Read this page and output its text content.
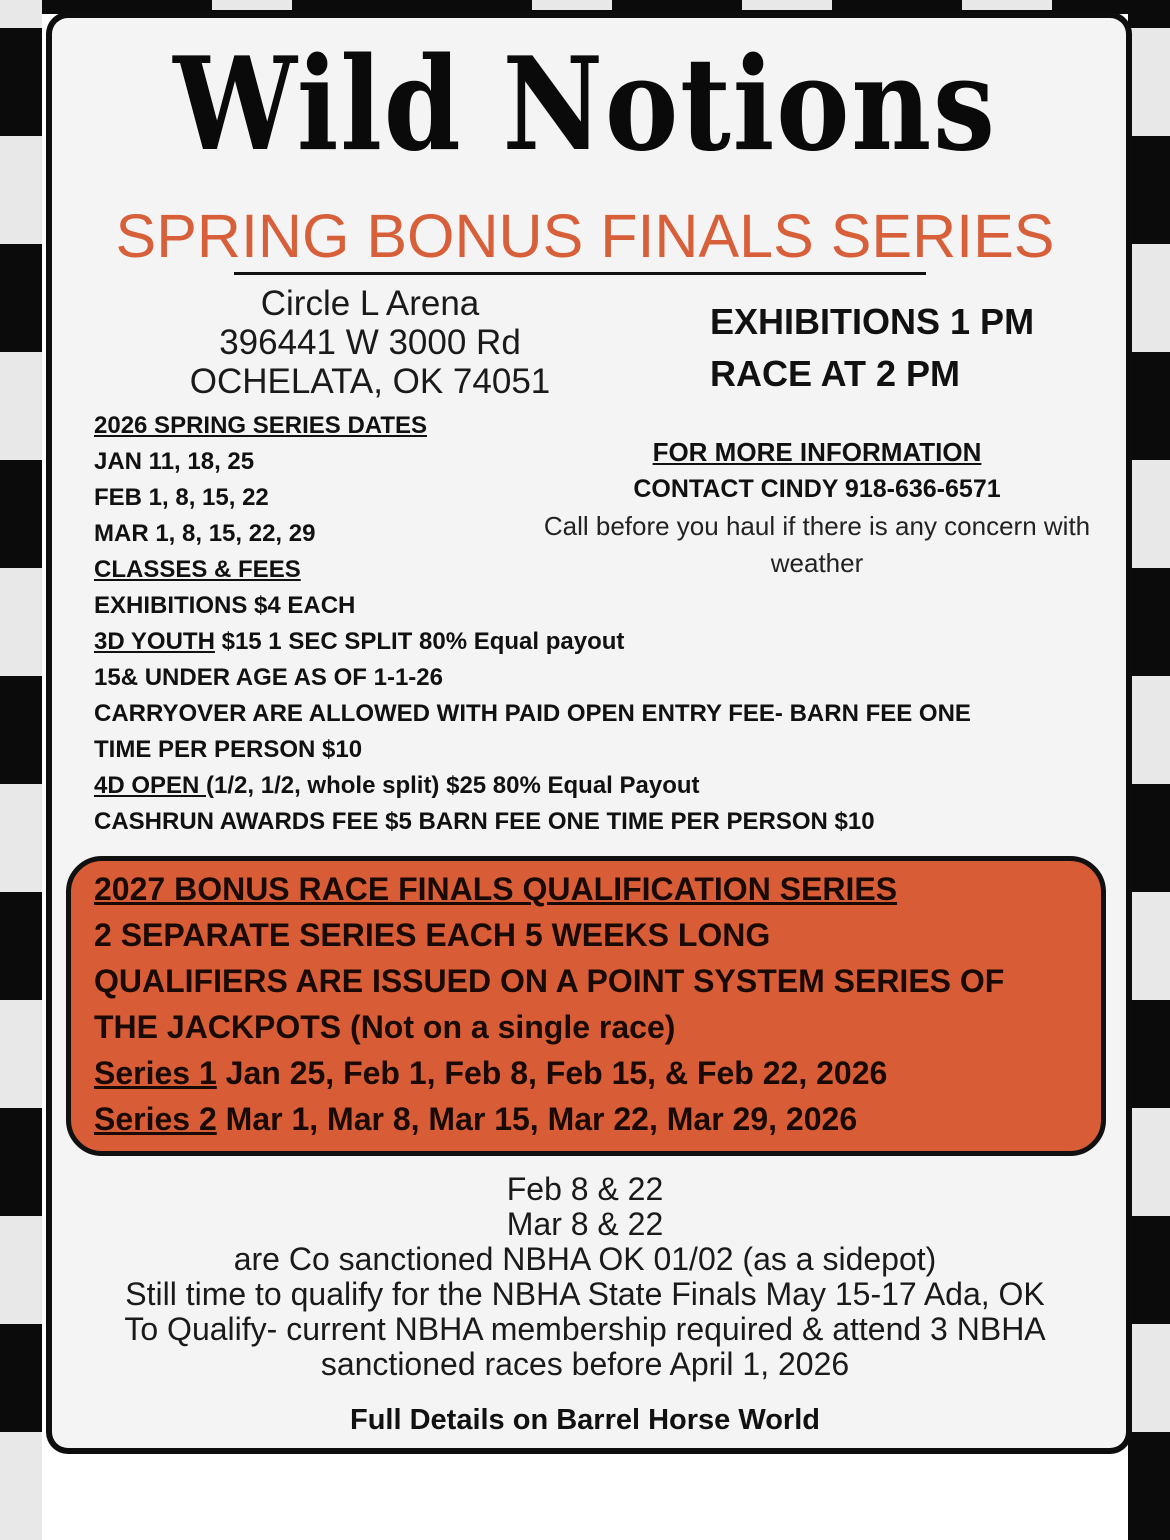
Wild Notions
SPRING BONUS FINALS SERIES
Circle L Arena
396441 W 3000 Rd
OCHELATA, OK 74051
EXHIBITIONS 1 PM
RACE AT 2 PM
2026 SPRING SERIES DATES
JAN 11, 18, 25
FEB 1, 8, 15, 22
MAR 1, 8, 15, 22, 29
CLASSES & FEES
EXHIBITIONS $4 EACH
3D YOUTH $15 1 SEC SPLIT 80% Equal payout
15& UNDER AGE AS OF 1-1-26
CARRYOVER ARE ALLOWED WITH PAID OPEN ENTRY FEE- BARN FEE ONE
TIME PER PERSON $10
4D OPEN (1/2, 1/2, whole split) $25 80% Equal Payout
CASHRUN AWARDS FEE $5 BARN FEE ONE TIME PER PERSON $10
FOR MORE INFORMATION
CONTACT CINDY 918-636-6571
Call before you haul if there is any concern with
weather
2027 BONUS RACE FINALS QUALIFICATION SERIES
2 SEPARATE SERIES EACH 5 WEEKS LONG
QUALIFIERS ARE ISSUED ON A POINT SYSTEM SERIES OF
THE JACKPOTS (Not on a single race)
Series 1 Jan 25, Feb 1, Feb 8, Feb 15, & Feb 22, 2026
Series 2 Mar 1, Mar 8, Mar 15, Mar 22, Mar 29, 2026
Feb 8 & 22
Mar 8 & 22
are Co sanctioned NBHA OK 01/02 (as a sidepot)
Still time to qualify for the NBHA State Finals May 15-17 Ada, OK
To Qualify- current NBHA membership required & attend 3 NBHA
sanctioned races before April 1, 2026
Full Details on Barrel Horse World
